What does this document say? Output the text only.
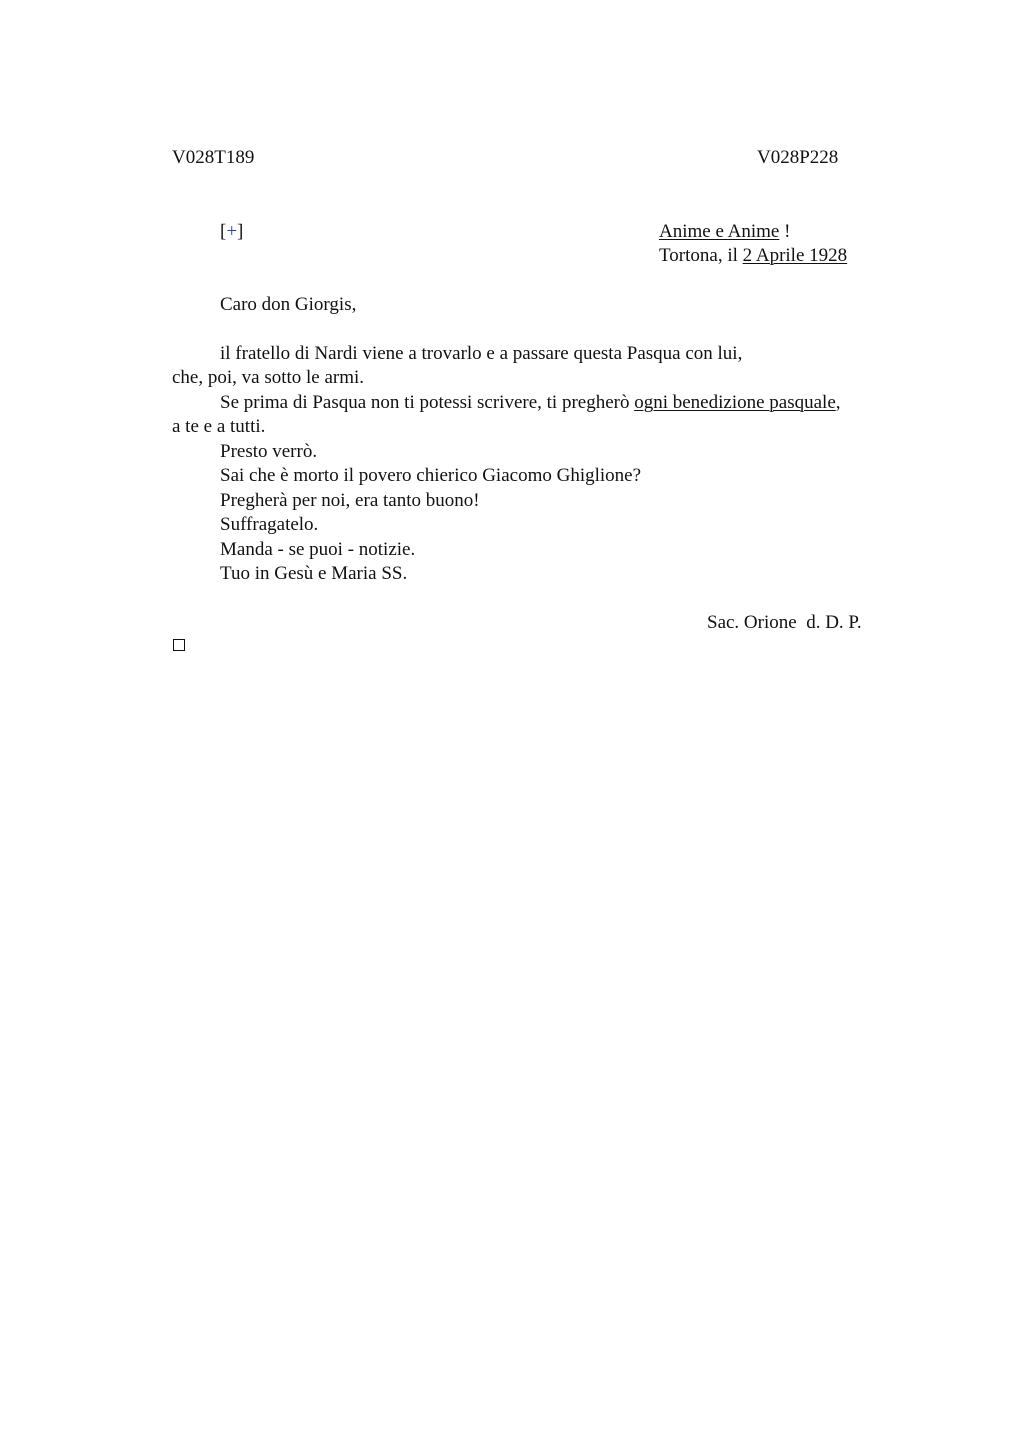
V028T189	V028P228
[+]	Anime e Anime !
Tortona, il 2 Aprile 1928
Caro don Giorgis,
il fratello di Nardi viene a trovarlo e a passare questa Pasqua con lui,
che, poi, va sotto le armi.
Se prima di Pasqua non ti potessi scrivere, ti pregherò ogni benedizione pasquale,
a te e a tutti.
Presto verrò.
Sai che è morto il povero chierico Giacomo Ghiglione?
Pregherà per noi, era tanto buono!
Suffragatelo.
Manda - se puoi - notizie.
Tuo in Gesù e Maria SS.
Sac. Orione  d. D. P.
